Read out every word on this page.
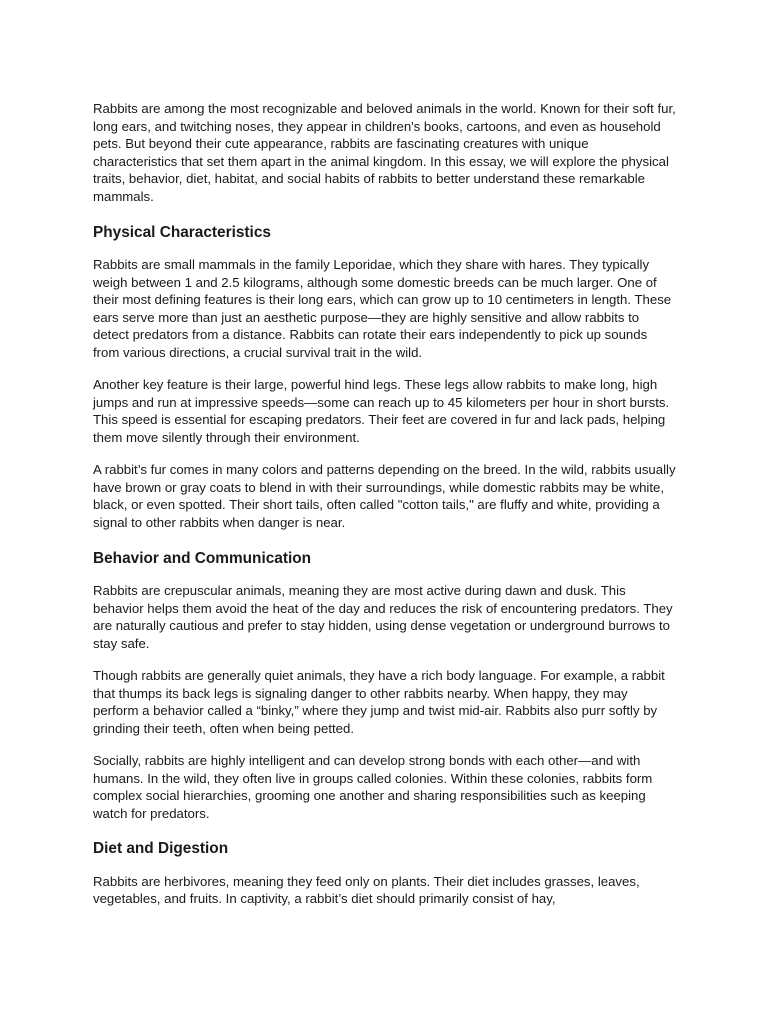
Rabbits are among the most recognizable and beloved animals in the world. Known for their soft fur, long ears, and twitching noses, they appear in children's books, cartoons, and even as household pets. But beyond their cute appearance, rabbits are fascinating creatures with unique characteristics that set them apart in the animal kingdom. In this essay, we will explore the physical traits, behavior, diet, habitat, and social habits of rabbits to better understand these remarkable mammals.

Physical Characteristics

Rabbits are small mammals in the family Leporidae, which they share with hares. They typically weigh between 1 and 2.5 kilograms, although some domestic breeds can be much larger. One of their most defining features is their long ears, which can grow up to 10 centimeters in length. These ears serve more than just an aesthetic purpose—they are highly sensitive and allow rabbits to detect predators from a distance. Rabbits can rotate their ears independently to pick up sounds from various directions, a crucial survival trait in the wild.

Another key feature is their large, powerful hind legs. These legs allow rabbits to make long, high jumps and run at impressive speeds—some can reach up to 45 kilometers per hour in short bursts. This speed is essential for escaping predators. Their feet are covered in fur and lack pads, helping them move silently through their environment.

A rabbit’s fur comes in many colors and patterns depending on the breed. In the wild, rabbits usually have brown or gray coats to blend in with their surroundings, while domestic rabbits may be white, black, or even spotted. Their short tails, often called "cotton tails," are fluffy and white, providing a signal to other rabbits when danger is near.

Behavior and Communication

Rabbits are crepuscular animals, meaning they are most active during dawn and dusk. This behavior helps them avoid the heat of the day and reduces the risk of encountering predators. They are naturally cautious and prefer to stay hidden, using dense vegetation or underground burrows to stay safe.

Though rabbits are generally quiet animals, they have a rich body language. For example, a rabbit that thumps its back legs is signaling danger to other rabbits nearby. When happy, they may perform a behavior called a “binky,” where they jump and twist mid-air. Rabbits also purr softly by grinding their teeth, often when being petted.

Socially, rabbits are highly intelligent and can develop strong bonds with each other—and with humans. In the wild, they often live in groups called colonies. Within these colonies, rabbits form complex social hierarchies, grooming one another and sharing responsibilities such as keeping watch for predators.

Diet and Digestion

Rabbits are herbivores, meaning they feed only on plants. Their diet includes grasses, leaves, vegetables, and fruits. In captivity, a rabbit’s diet should primarily consist of hay,
